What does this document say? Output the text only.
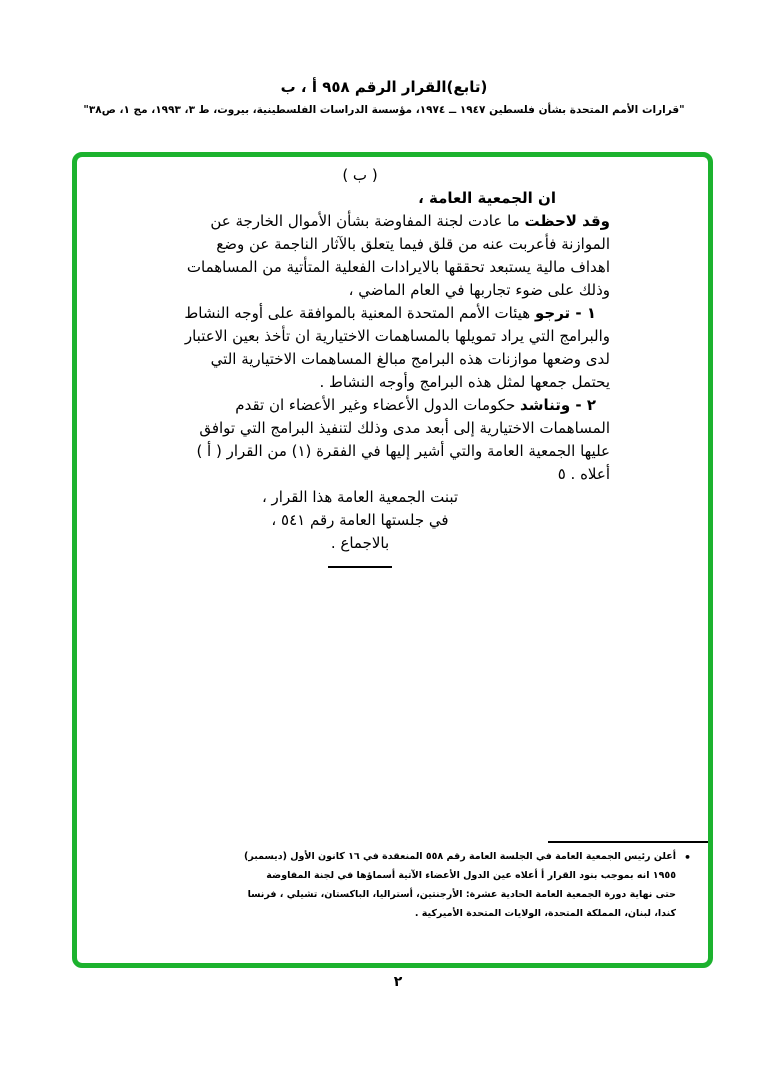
(تابع)القرار الرقم ٩٥٨ أ ، ب
"قرارات الأمم المتحدة بشأن فلسطين ١٩٤٧ ــ ١٩٧٤، مؤسسة الدراسات الفلسطينية، بيروت، ط ٣، ١٩٩٣، مج ١، ص٣٨"
( ب )
ان الجمعية العامة ،
وقد لاحظت ما عادت لجنة المفاوضة بشأن الأموال الخارجة عن
الموازنة فأعربت عنه من قلق فيما يتعلق بالآثار الناجمة عن وضع
اهداف مالية يستبعد تحققها بالايرادات الفعلية المتأتية من المساهمات
وذلك على ضوء تجاربها في العام الماضي ،
١ - ترجو هيئات الأمم المتحدة المعنية بالموافقة على أوجه النشاط
والبرامج التي يراد تمويلها بالمساهمات الاختيارية ان تأخذ بعين الاعتبار
لدى وضعها موازنات هذه البرامج مبالغ المساهمات الاختيارية التي
يحتمل جمعها لمثل هذه البرامج وأوجه النشاط .
٢ - وتناشد حكومات الدول الأعضاء وغير الأعضاء ان تقدم
المساهمات الاختيارية إلى أبعد مدى وذلك لتنفيذ البرامج التي توافق
عليها الجمعية العامة والتي أشير إليها في الفقرة (١) من القرار ( أ )
أعلاه . ٥
تبنت الجمعية العامة هذا القرار ،
في جلستها العامة رقم ٥٤١ ،
بالاجماع .
•
أعلن رئيس الجمعية العامة في الجلسة العامة رقم ٥٥٨ المنعقدة في ١٦ كانون الأول (ديسمبر)
١٩٥٥ انه بموجب بنود القرار أ أعلاه عين الدول الأعضاء الآتية أسماؤها في لجنة المفاوضة
حتى نهاية دورة الجمعية العامة الحادية عشرة: الأرجنتين، أستراليا، الباكستان، تشيلي ، فرنسا
كندا، لبنان، المملكة المتحدة، الولايات المتحدة الأميركية .
٢
